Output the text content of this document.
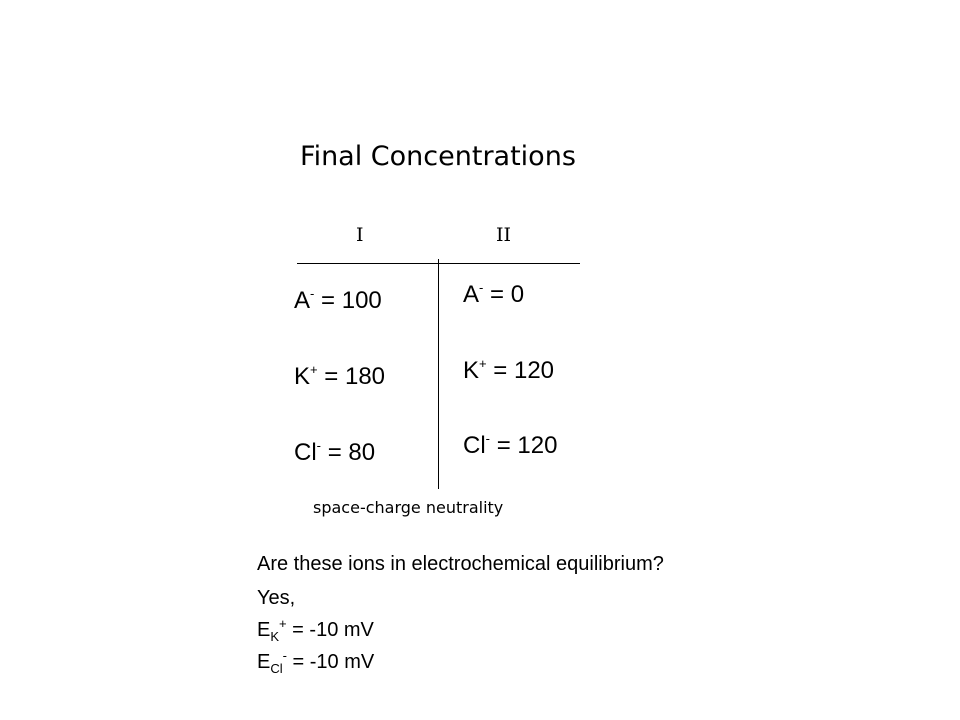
Final Concentrations
I	II
A- = 100
K+ = 180
Cl- = 80
A- = 0
K+ = 120
Cl- = 120
space-charge neutrality
Are these ions in electrochemical equilibrium?
Yes,
$E_K^+ = -10$ mV
$E_{Cl}^- = -10$ mV
